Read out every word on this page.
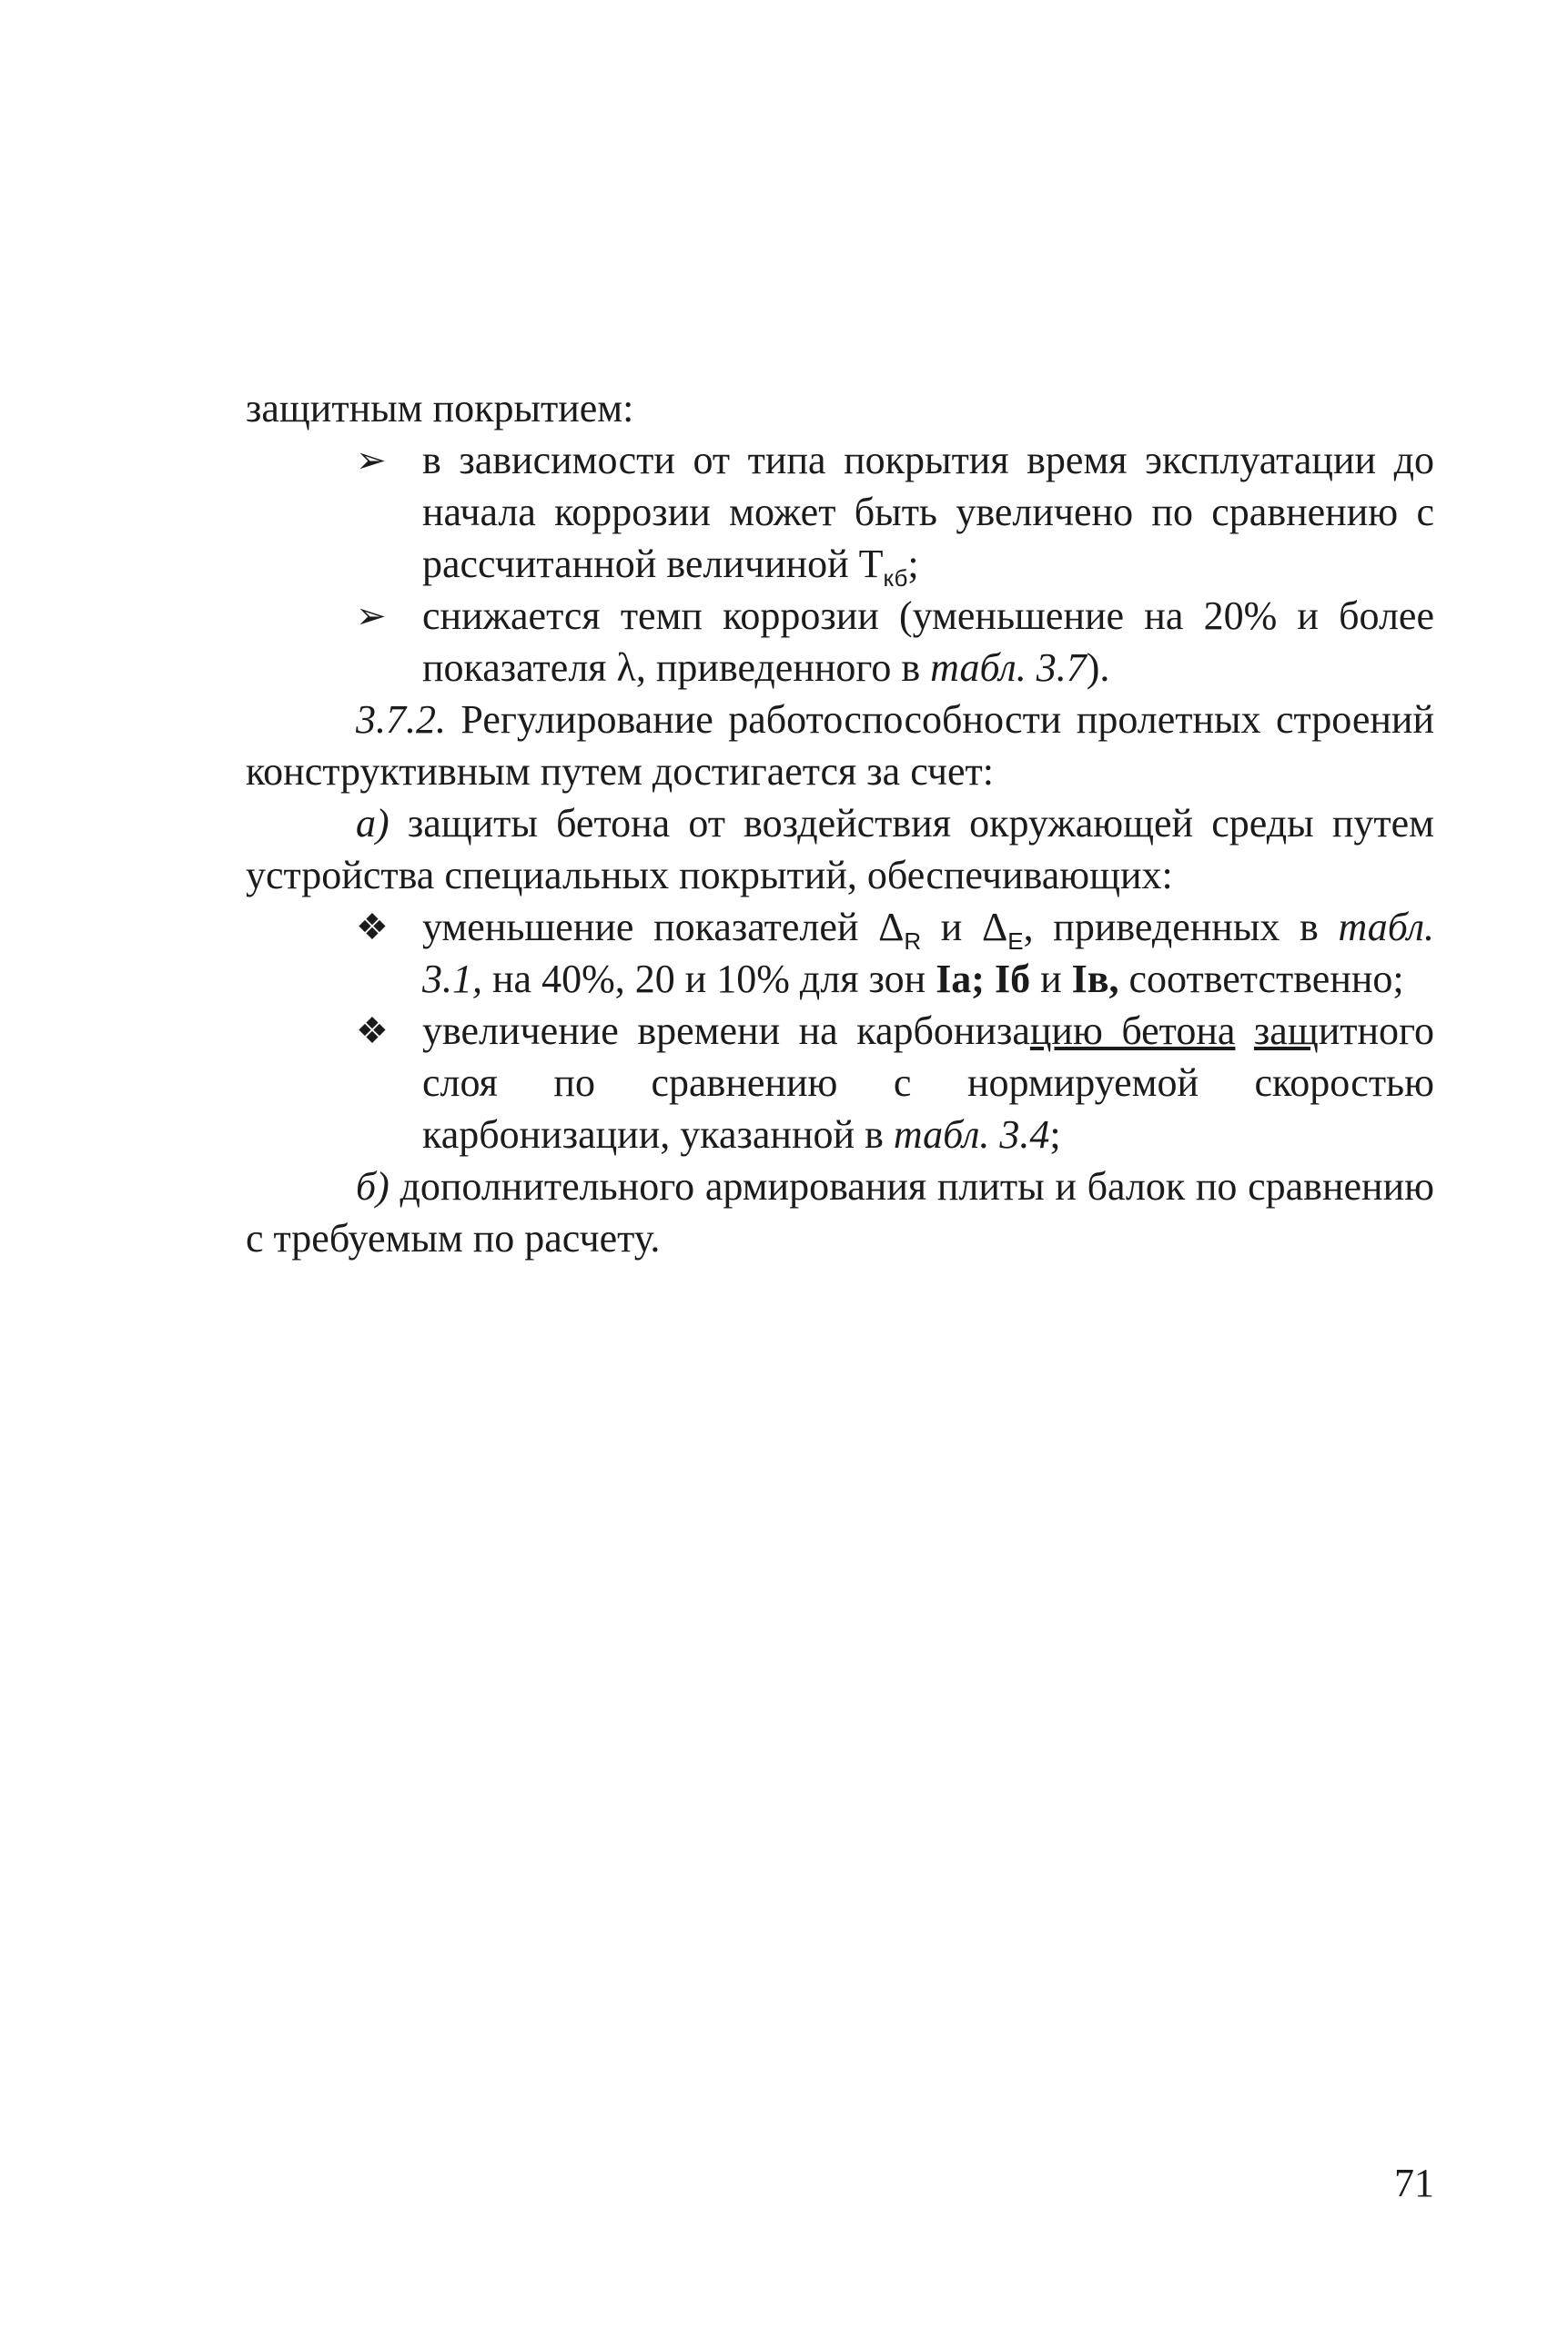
защитным покрытием:

➢ в зависимости от типа покрытия время эксплуатации до начала коррозии может быть увеличено по сравнению с рассчитанной величиной $T_{кб}$;
➢ снижается темп коррозии (уменьшение на 20% и более показателя λ, приведенного в табл. 3.7).

3.7.2. Регулирование работоспособности пролетных строений конструктивным путем достигается за счет:

а) защиты бетона от воздействия окружающей среды путем устройства специальных покрытий, обеспечивающих:

❖ уменьшение показателей $\Delta_R$ и $\Delta_E$, приведенных в табл. 3.1, на 40%, 20 и 10% для зон Iа; Iб и Iв, соответственно;
❖ увеличение времени на карбонизацию бетона защитного слоя по сравнению с нормируемой скоростью карбонизации, указанной в табл. 3.4;

б) дополнительного армирования плиты и балок по сравнению с требуемым по расчету.

71
